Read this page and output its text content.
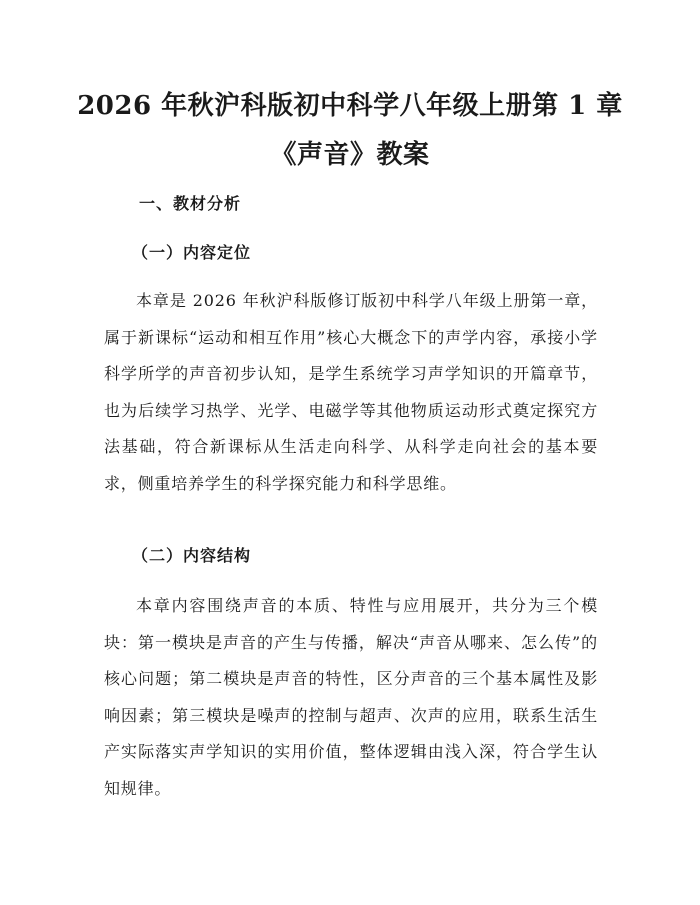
2026 年秋沪科版初中科学八年级上册第 1 章
《声音》教案
一、教材分析
（一）内容定位

本章是 2026 年秋沪科版修订版初中科学八年级上册第一章，属于新课标“运动和相互作用”核心大概念下的声学内容，承接小学科学所学的声音初步认知，是学生系统学习声学知识的开篇章节，也为后续学习热学、光学、电磁学等其他物质运动形式奠定探究方法基础，符合新课标从生活走向科学、从科学走向社会的基本要求，侧重培养学生的科学探究能力和科学思维。

（二）内容结构

本章内容围绕声音的本质、特性与应用展开，共分为三个模块：第一模块是声音的产生与传播，解决“声音从哪来、怎么传”的核心问题；第二模块是声音的特性，区分声音的三个基本属性及影响因素；第三模块是噪声的控制与超声、次声的应用，联系生活生产实际落实声学知识的实用价值，整体逻辑由浅入深，符合学生认知规律。
